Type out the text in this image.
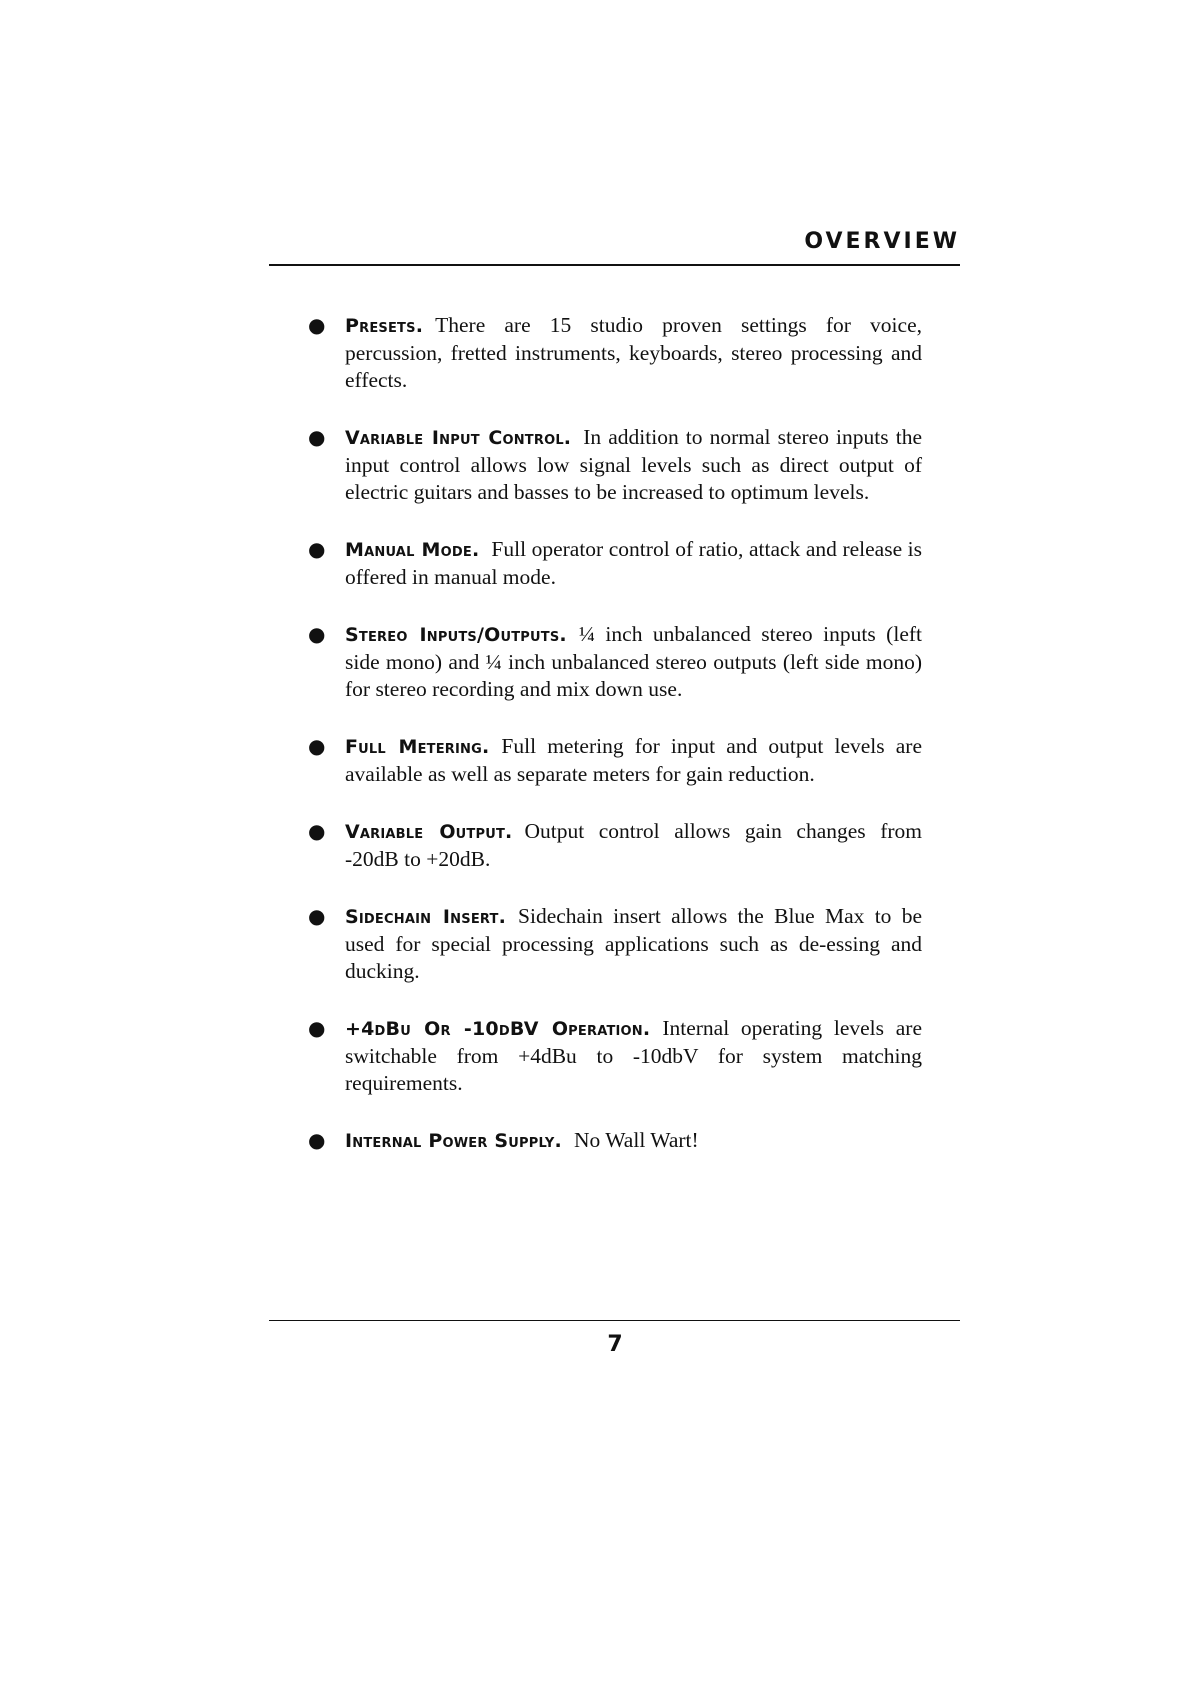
OVERVIEW
● Presets. There are 15 studio proven settings for voice, percussion, fretted instruments, keyboards, stereo processing and effects.
● Variable Input Control. In addition to normal stereo inputs the input control allows low signal levels such as direct output of electric guitars and basses to be increased to optimum levels.
● Manual Mode. Full operator control of ratio, attack and release is offered in manual mode.
● Stereo Inputs/Outputs. ¼ inch unbalanced stereo inputs (left side mono) and ¼ inch unbalanced stereo outputs (left side mono) for stereo recording and mix down use.
● Full Metering. Full metering for input and output levels are available as well as separate meters for gain reduction.
● Variable Output. Output control allows gain changes from -20dB to +20dB.
● Sidechain Insert. Sidechain insert allows the Blue Max to be used for special processing applications such as de-essing and ducking.
● +4dBu Or -10dBV Operation. Internal operating levels are switchable from +4dBu to -10dbV for system matching requirements.
● Internal Power Supply. No Wall Wart!
7
